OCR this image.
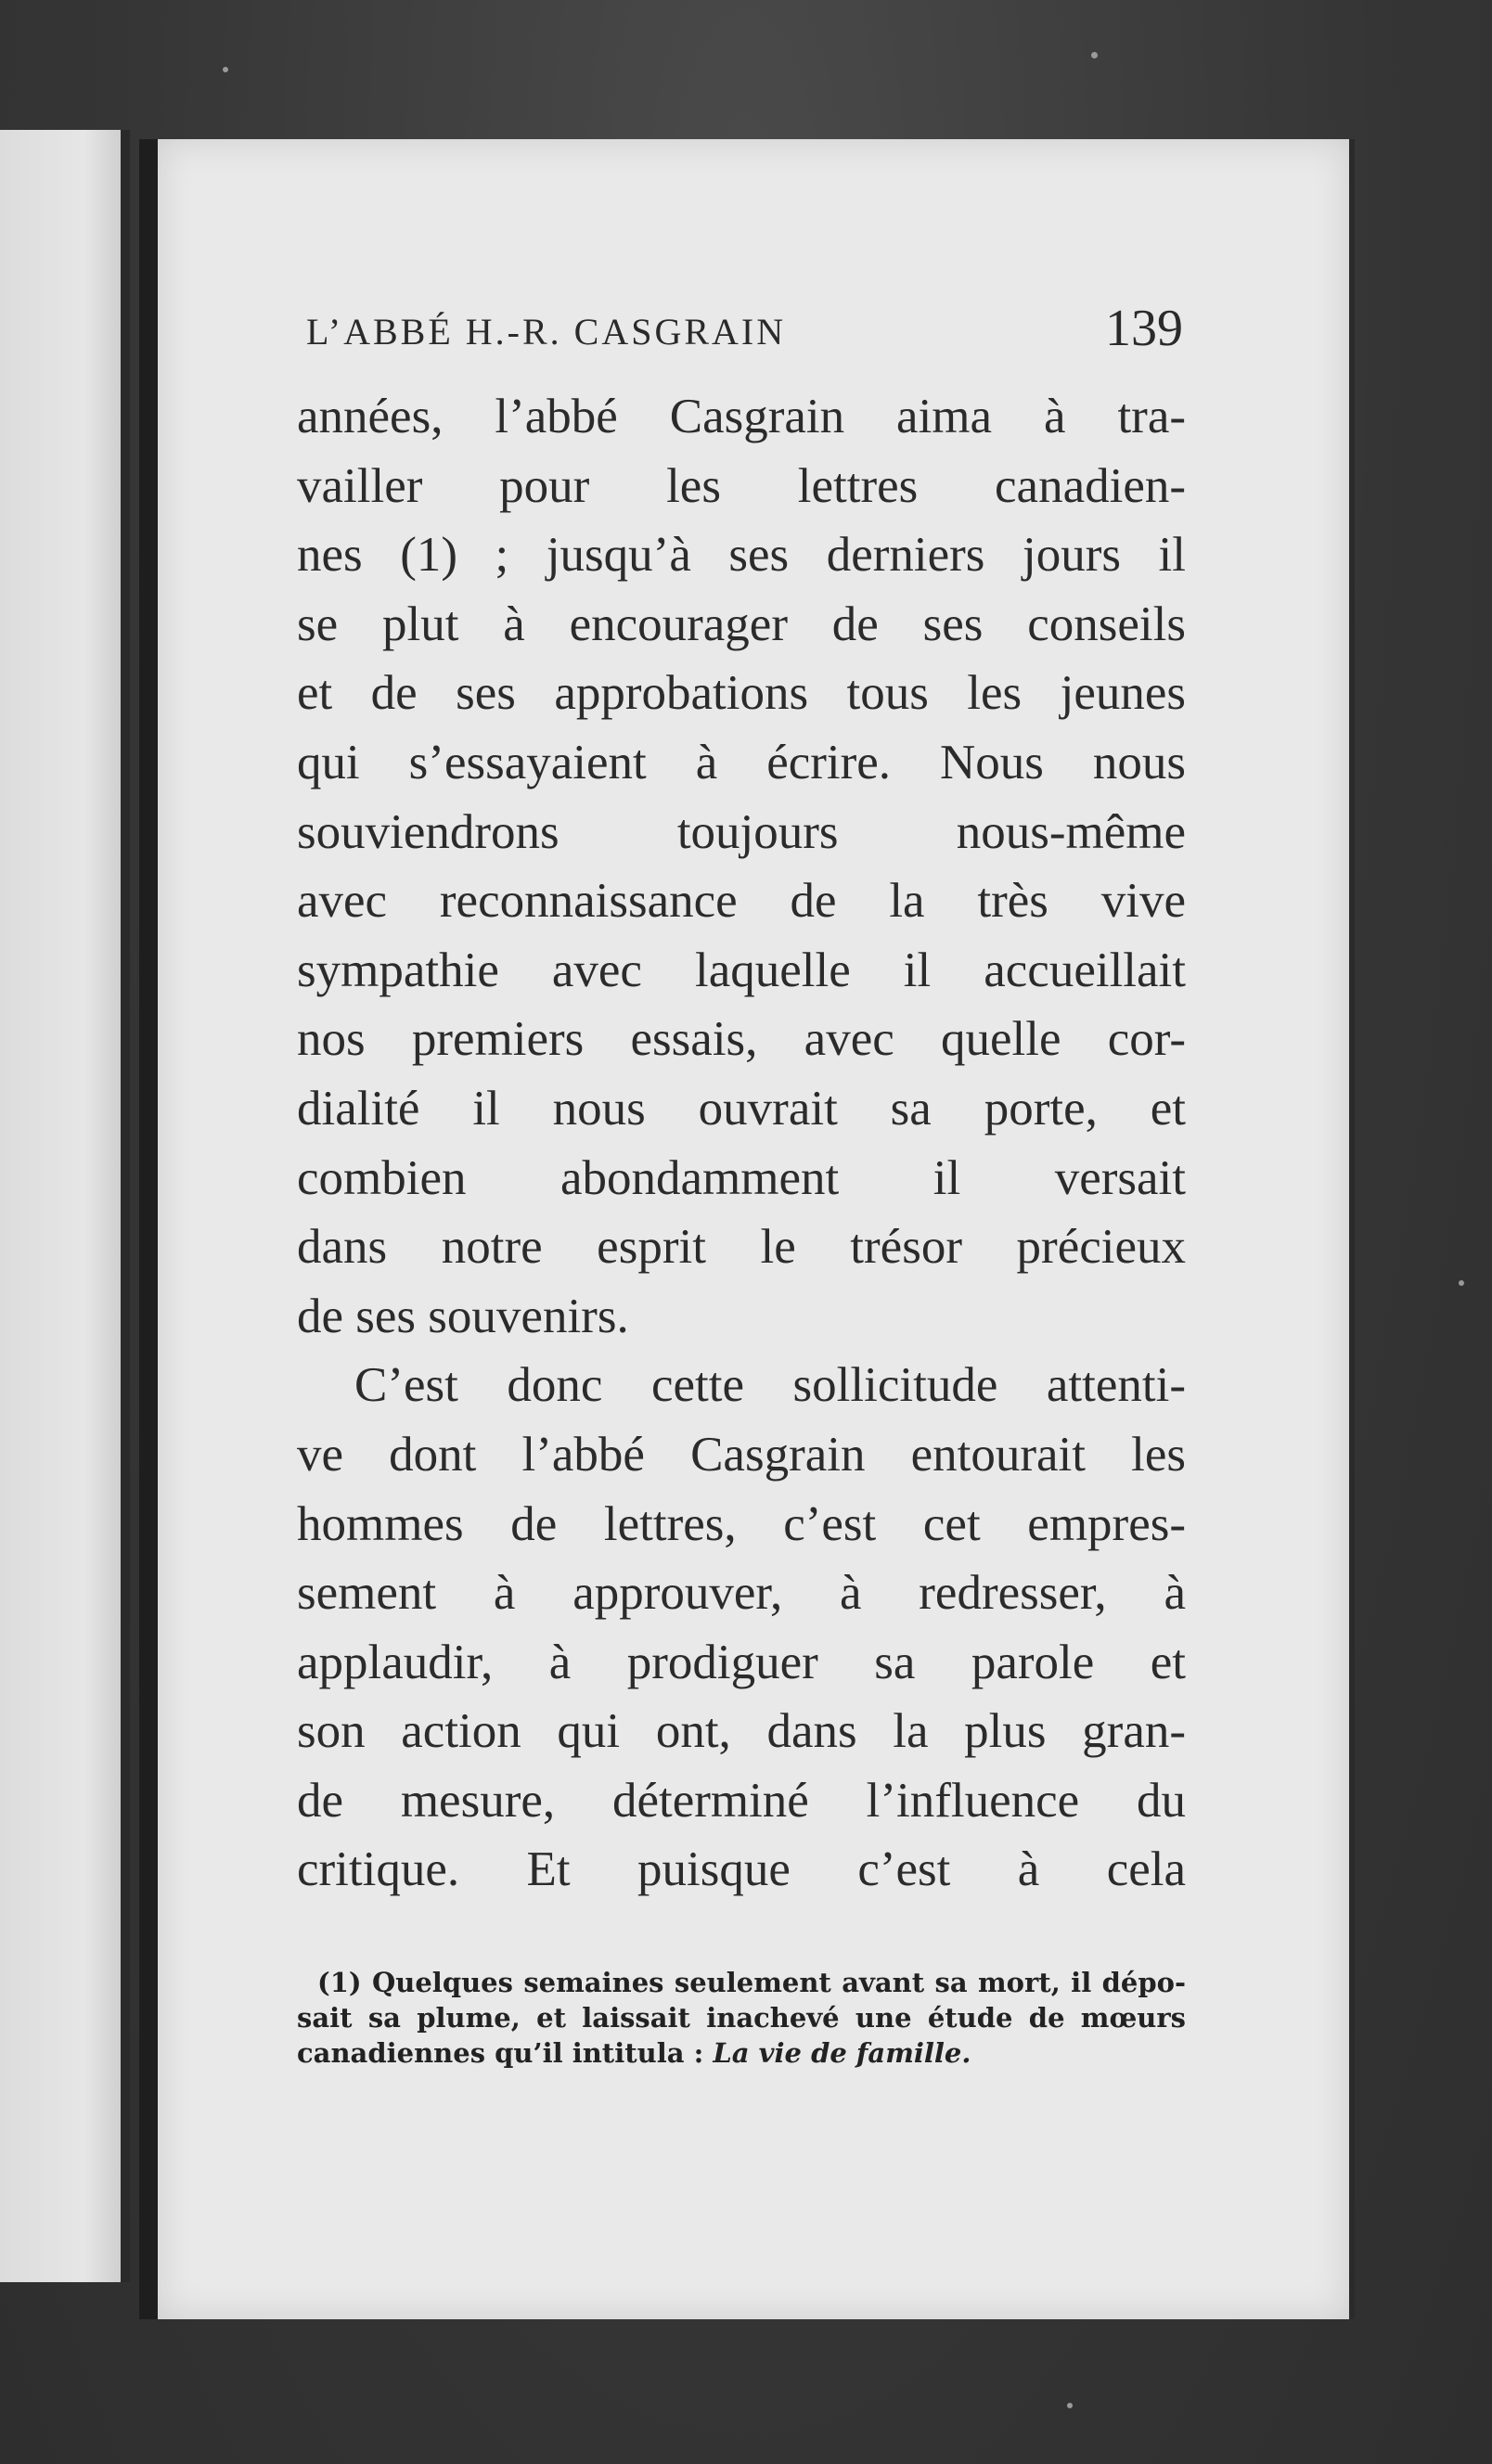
L’ABBÉ H.-R. CASGRAIN	139
années, l’abbé Casgrain aima à tra-
vailler pour les lettres canadien-
nes (1) ; jusqu’à ses derniers jours il
se plut à encourager de ses conseils
et de ses approbations tous les jeunes
qui s’essayaient à écrire. Nous nous
souviendrons toujours nous-même
avec reconnaissance de la très vive
sympathie avec laquelle il accueillait
nos premiers essais, avec quelle cor-
dialité il nous ouvrait sa porte, et
combien abondamment il versait
dans notre esprit le trésor précieux
de ses souvenirs.
C’est donc cette sollicitude attenti-
ve dont l’abbé Casgrain entourait les
hommes de lettres, c’est cet empres-
sement à approuver, à redresser, à
applaudir, à prodiguer sa parole et
son action qui ont, dans la plus gran-
de mesure, déterminé l’influence du
critique. Et puisque c’est à cela
(1) Quelques semaines seulement avant sa mort, il dépo-
sait sa plume, et laissait inachevé une étude de mœurs
canadiennes qu’il intitula : La vie de famille.
